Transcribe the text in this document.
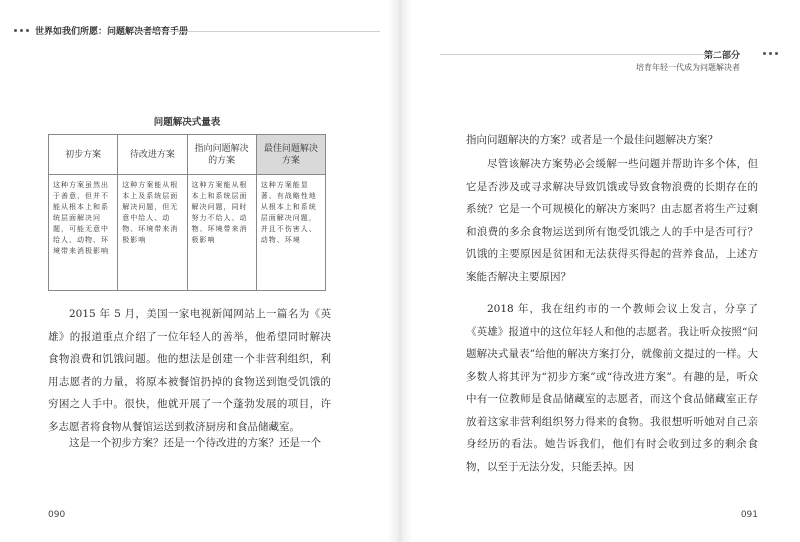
世界如我们所愿：问题解决者培育手册
问题解决式量表
初步方案	待改进方案	指向问题解决的方案	最佳问题解决方案
这种方案虽然出于善意，但并不能从根本上和系统层面解决问题，可能无意中给人、动物、环境带来消极影响	这种方案能从根本上及系统层面解决问题，但无意中给人、动物、环境带来消极影响	这种方案能从根本上和系统层面解决问题，同时努力不给人、动物、环境带来消极影响	这种方案能显著、有战略性地从根本上和系统层面解决问题，并且不伤害人、动物、环境

2015 年 5 月，美国一家电视新闻网站上一篇名为《英雄》的报道重点介绍了一位年轻人的善举，他希望同时解决食物浪费和饥饿问题。他的想法是创建一个非营利组织，利用志愿者的力量，将原本被餐馆扔掉的食物送到饱受饥饿的穷困之人手中。很快，他就开展了一个蓬勃发展的项目，许多志愿者将食物从餐馆运送到救济厨房和食品储藏室。

这是一个初步方案？还是一个待改进的方案？还是一个

090
第二部分
培育年轻一代成为问题解决者

指向问题解决的方案？或者是一个最佳问题解决方案？

尽管该解决方案势必会缓解一些问题并帮助许多个体，但它是否涉及或寻求解决导致饥饿或导致食物浪费的长期存在的系统？它是一个可规模化的解决方案吗？由志愿者将生产过剩和浪费的多余食物运送到所有饱受饥饿之人的手中是否可行？饥饿的主要原因是贫困和无法获得买得起的营养食品，上述方案能否解决主要原因？

2018 年，我在纽约市的一个教师会议上发言，分享了《英雄》报道中的这位年轻人和他的志愿者。我让听众按照“问题解决式量表”给他的解决方案打分，就像前文提过的一样。大多数人将其评为“初步方案”或“待改进方案”。有趣的是，听众中有一位教师是食品储藏室的志愿者，而这个食品储藏室正存放着这家非营利组织努力得来的食物。我很想听听她对自己亲身经历的看法。她告诉我们，他们有时会收到过多的剩余食物，以至于无法分发，只能丢掉。因

091
